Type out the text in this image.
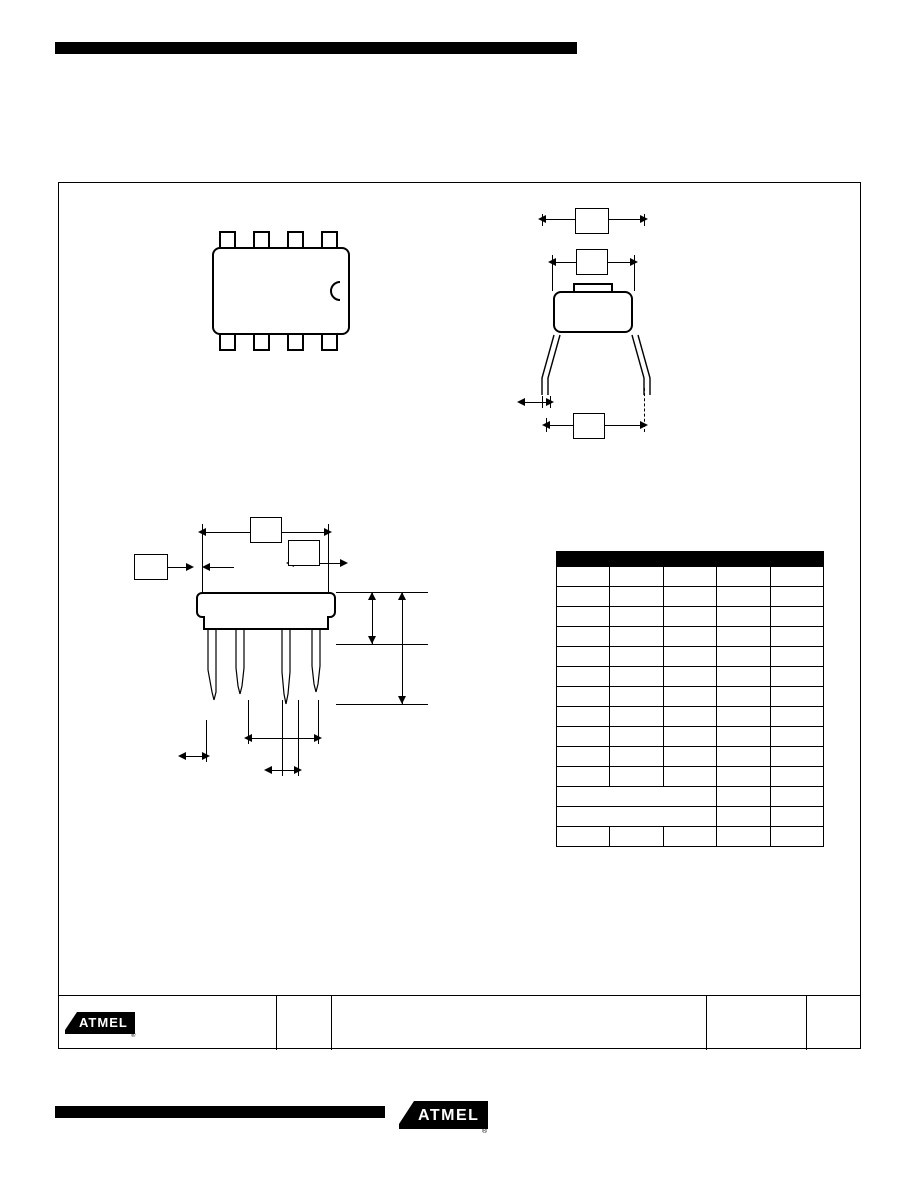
ATMEL
®
ATMEL
®
